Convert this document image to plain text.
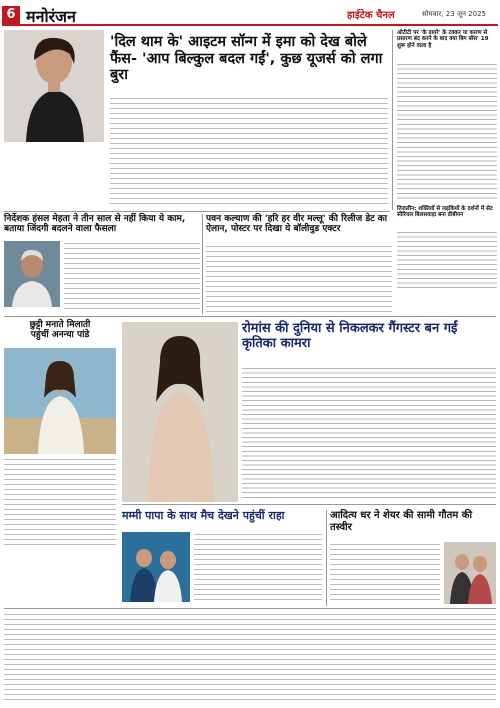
6 मनोरंजन	हाईटेक चैनल	सोमवार, 23 जून 2025
'दिल थाम के' आइटम सॉन्ग में इमा को देख बोले फैंस- 'आप बिल्कुल बदल गईं', कुछ यूजर्स को लगा बुरा
ओटीटी पर 'के डायरे' के टक्कर या कारण से प्रसारण बंद करने के बाद क्या बिग बॉस' 19 शुरू होने वाला है
तिजलीन: शक्तियों से लड़कियों के दर्शनों में सेट सीरियल बिलसवाड़ा बना डीबीयन
निर्देशक हंसल मेहता ने तीन साल से नहीं किया ये काम, बताया जिंदगी बदलने वाला फैसला
पवन कल्याण की 'हरि हर वीर मल्लू' की रिलीज डेट का ऐलान, पोस्टर पर दिखा ये बॉलीवुड एक्टर
छुट्टी मनाते मिलाती पहुंचीं अनन्या पांडे	रोमांस की दुनिया से निकलकर गैंगस्टर बन गईं कृतिका कामरा
मम्मी पापा के साथ मैच देखने पहुंचीं राहा	आदित्य धर ने शेयर की सामी गौतम की तस्वीर
